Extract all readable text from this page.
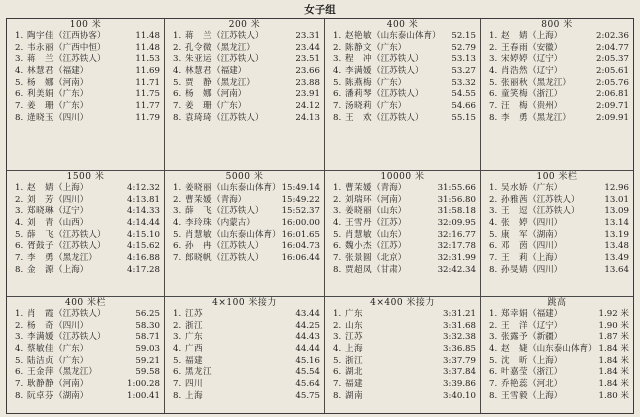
女子组
100 米
1. 陶宇佳 （江西协客）	11.48
2. 韦永丽 （广西中恒）	11.48
3. 蒋　兰 （江苏铁人）	11.53
4. 林慧君 （福建）	11.69
5. 杨　娜 （河南）	11.71
6. 利美娟 （广东）	11.75
7. 姜　珊 （广东）	11.77
8. 逄晓玉 （四川）	11.79
200 米
1. 蒋　兰 （江苏铁人）	23.31
2. 孔令微 （黑龙江）	23.44
3. 朱亚运 （江苏铁人）	23.51
4. 林慧君 （福建）	23.66
5. 贾　静 （黑龙江）	23.88
6. 杨　娜 （河南）	23.91
7. 姜　珊 （广东）	24.12
8. 袁琦琦 （江苏铁人）	24.13
400 米
1. 赵艳敏 （山东泰山体育） 52.15
2. 陈静文 （广东）	52.79
3. 程　冲 （江苏铁人）	53.13
4. 李满媛 （江苏铁人）	53.27
5. 陈燕梅 （广东）	53.32
6. 潘莉琴 （江苏铁人）	54.55
7. 汤晓莉 （广东）	54.66
8. 王　欢 （江苏铁人）	55.15
800 米
1. 赵　婧 （上海）	2:02.36
2. 王春雨 （安徽）	2:04.77
3. 宋婷婷 （辽宁）	2:05.37
4. 肖浩然 （辽宁）	2:05.61
5. 张丽秋 （黑龙江）	2:05.76
6. 童笑梅 （浙江）	2:06.81
7. 汪　梅 （贵州）	2:09.71
8. 李　勇 （黑龙江）	2:09.91
1500 米
1. 赵　婧 （上海）	4:12.32
2. 刘　芳 （四川）	4:13.81
3. 郑晓琳 （辽宁）	4:14.33
4. 刘　青 （山西）	4:14.44
5. 薛　飞 （江苏铁人） 4:15.10
6. 胥鼓子 （江苏铁人） 4:15.62
7. 李　勇 （黑龙江）	4:16.88
8. 金　源 （上海）	4:17.28
5000 米
1. 姜晓丽 （山东泰山体育） 15:49.14
2. 曹茉媛 （青海）	15:49.22
3. 薛　飞 （江苏铁人） 15:52.37
4. 李玲珠 （内蒙古）	16:00.00
5. 肖慧敏 （山东泰山体育） 16:01.65
6. 孙　冉 （江苏铁人） 16:04.73
7. 郎晓帆 （江苏铁人） 16:06.44
10000 米
1. 曹茉媛 （青海）	31:55.66
2. 刘瑞环 （河南）	31:56.80
3. 姜晓丽 （山东）	31:58.18
4. 王雪丹 （江苏）	32:09.95
5. 肖慧敏 （山东）	32:16.77
6. 魏小杰 （江苏）	32:17.78
7. 张景圆 （北京）	32:31.99
8. 贾超凤 （甘肃）	32:42.34
100 米栏
1. 吴水娇 （广东）	12.96
2. 孙雅茜 （江苏铁人）	13.01
3. 王　逗 （江苏铁人）	13.09
4. 张　婷 （四川）	13.14
5. 康　军 （湖南）	13.19
6. 邓　茵 （四川）	13.48
7. 王　莉 （上海）	13.49
8. 孙旻婧 （四川）	13.64
400 米栏
1. 肖　霞 （江苏铁人）	56.25
2. 杨　奇 （四川）	58.30
3. 李满媛 （江苏铁人）	58.71
4. 蔡敏佳 （广东）	59.03
5. 陆洁贞 （广东）	59.21
6. 王金萍 （黑龙江）	59.58
7. 耿静静 （河南）	1:00.28
8. 阮卓芬 （湖南）	1:00.41
4×100 米接力
1. 江苏	43.44
2. 浙江	44.25
3. 广东	44.43
4. 广西	44.44
5. 福建	45.16
6. 黑龙江	45.54
7. 四川	45.64
8. 上海	45.75
4×400 米接力
1. 广东	3:31.21
2. 山东	3:31.68
3. 江苏	3:32.38
4. 上海	3:36.85
5. 浙江	3:37.79
6. 湖北	3:37.84
7. 福建	3:39.86
8. 湖南	3:40.10
跳高
1. 郑幸娟 （福建）	1.92 米
2. 王　洋 （辽宁）	1.90 米
3. 张露予 （新疆）	1.87 米
4. 赵　婕 （山东泰山体育） 1.84 米
5. 沈　昕 （上海）	1.84 米
6. 叶嘉莹 （浙江）	1.84 米
7. 乔艳蕊 （河北）	1.84 米
8. 王雪毅 （上海）	1.80 米
